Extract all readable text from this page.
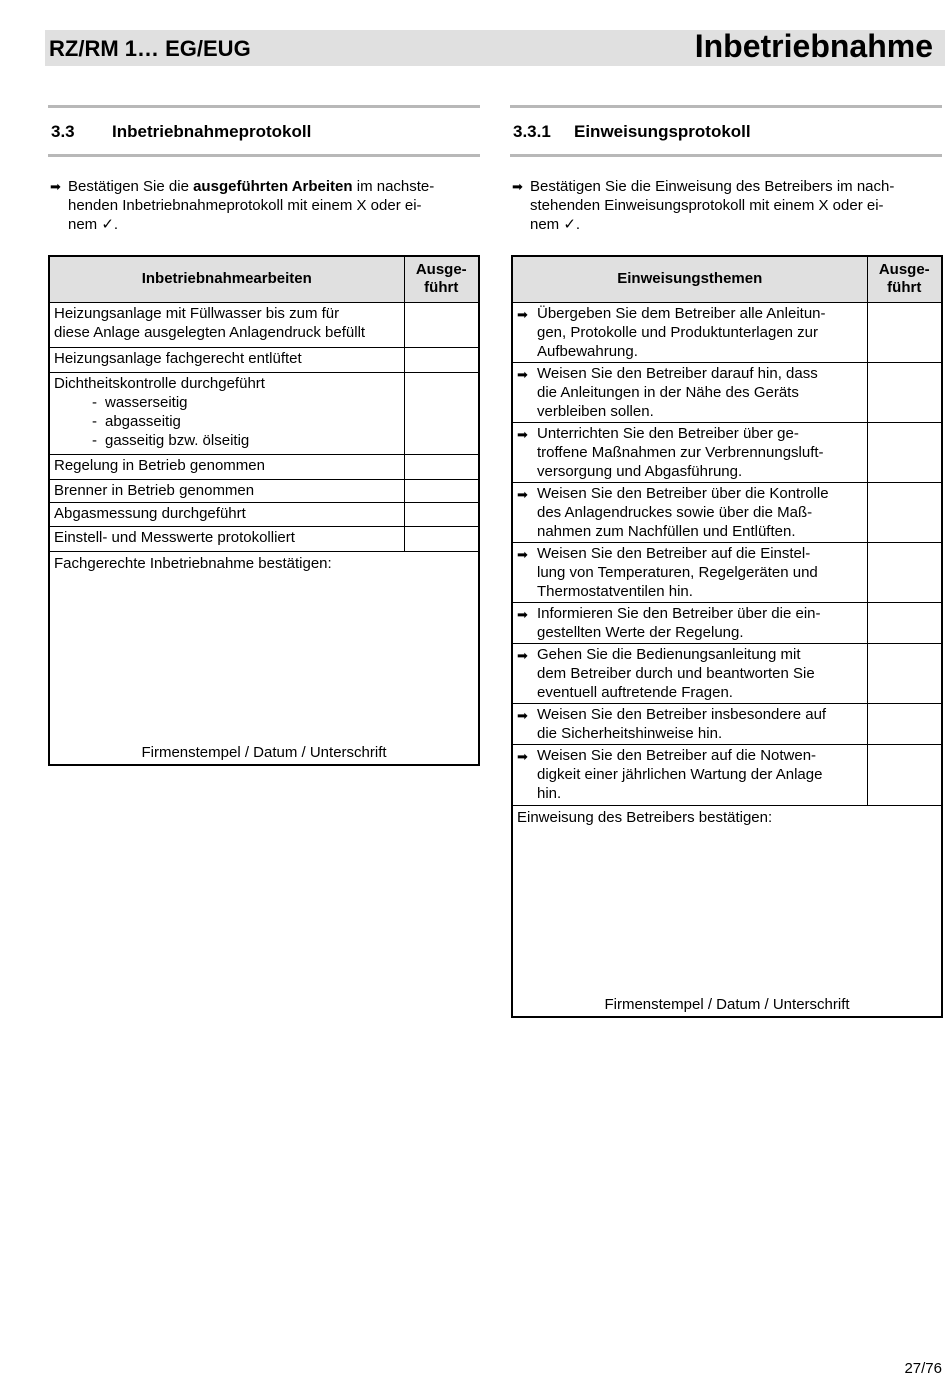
RZ/RM 1… EG/EUG	Inbetriebnahme
3.3 Inbetriebnahmeprotokoll
➡ Bestätigen Sie die ausgeführten Arbeiten im nachste-
henden Inbetriebnahmeprotokoll mit einem X oder ei-
nem ✓.
Inbetriebnahmearbeiten	Ausge-
führt

Heizungsanlage mit Füllwasser bis zum für
diese Anlage ausgelegten Anlagendruck befüllt	

Heizungsanlage fachgerecht entlüftet	

Dichtheitskontrolle durchgeführt
- wasserseitig
- abgasseitig
- gasseitig bzw. ölseitig	

Regelung in Betrieb genommen	
Brenner in Betrieb genommen	
Abgasmessung durchgeführt	
Einstell- und Messwerte protokolliert	

Fachgerechte Inbetriebnahme bestätigen:
Firmenstempel / Datum / Unterschrift	
3.3.1 Einweisungsprotokoll
➡ Bestätigen Sie die Einweisung des Betreibers im nach-
stehenden Einweisungsprotokoll mit einem X oder ei-
nem ✓.
Einweisungsthemen	Ausge-
führt

➡ Übergeben Sie dem Betreiber alle Anleitun-
gen, Protokolle und Produktunterlagen zur
Aufbewahrung.	

➡ Weisen Sie den Betreiber darauf hin, dass
die Anleitungen in der Nähe des Geräts
verbleiben sollen.	

➡ Unterrichten Sie den Betreiber über ge-
troffene Maßnahmen zur Verbrennungsluft-
versorgung und Abgasführung.	

➡ Weisen Sie den Betreiber über die Kontrolle
des Anlagendruckes sowie über die Maß-
nahmen zum Nachfüllen und Entlüften.	

➡ Weisen Sie den Betreiber auf die Einstel-
lung von Temperaturen, Regelgeräten und
Thermostatventilen hin.	

➡ Informieren Sie den Betreiber über die ein-
gestellten Werte der Regelung.	

➡ Gehen Sie die Bedienungsanleitung mit
dem Betreiber durch und beantworten Sie
eventuell auftretende Fragen.	

➡ Weisen Sie den Betreiber insbesondere auf
die Sicherheitshinweise hin.	

➡ Weisen Sie den Betreiber auf die Notwen-
digkeit einer jährlichen Wartung der Anlage
hin.	

Einweisung des Betreibers bestätigen:
Firmenstempel / Datum / Unterschrift	
27/76
